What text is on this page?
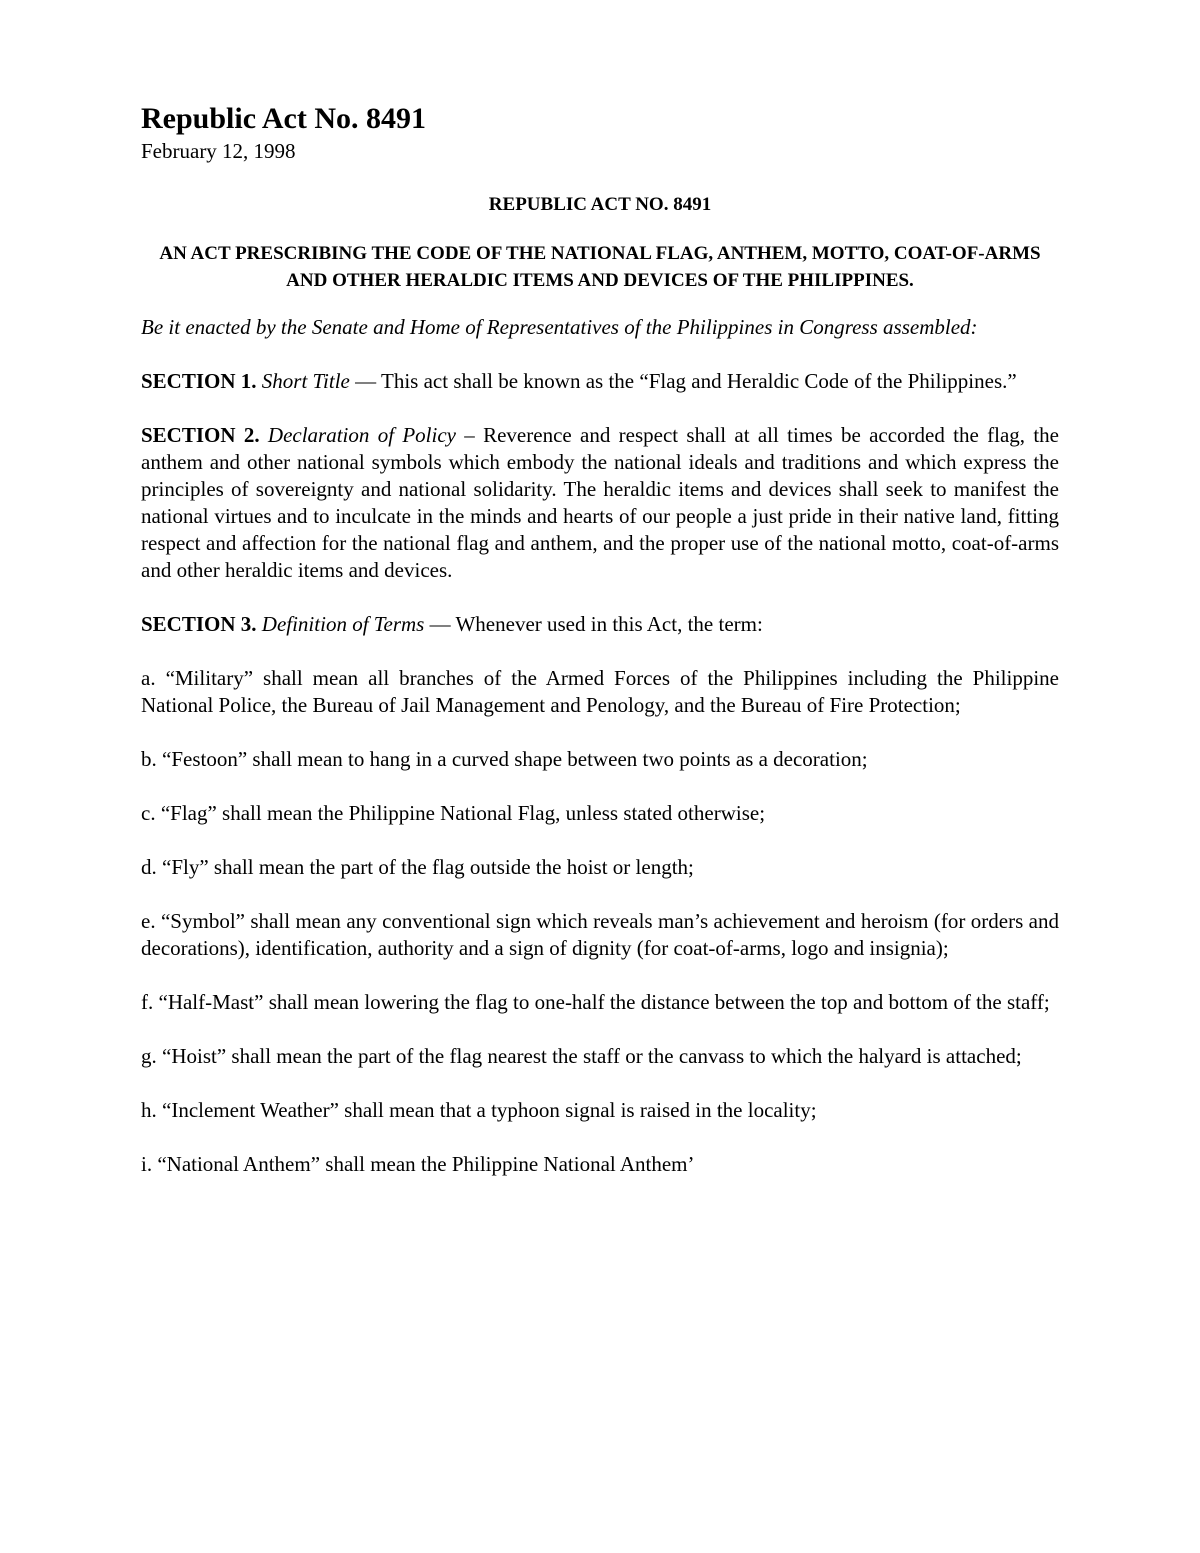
Republic Act No. 8491

February 12, 1998

REPUBLIC ACT NO. 8491

AN ACT PRESCRIBING THE CODE OF THE NATIONAL FLAG, ANTHEM, MOTTO, COAT-OF-ARMS AND OTHER HERALDIC ITEMS AND DEVICES OF THE PHILIPPINES.

Be it enacted by the Senate and Home of Representatives of the Philippines in Congress assembled:

SECTION 1. Short Title — This act shall be known as the “Flag and Heraldic Code of the Philippines.”

SECTION 2. Declaration of Policy – Reverence and respect shall at all times be accorded the flag, the anthem and other national symbols which embody the national ideals and traditions and which express the principles of sovereignty and national solidarity. The heraldic items and devices shall seek to manifest the national virtues and to inculcate in the minds and hearts of our people a just pride in their native land, fitting respect and affection for the national flag and anthem, and the proper use of the national motto, coat-of-arms and other heraldic items and devices.

SECTION 3. Definition of Terms — Whenever used in this Act, the term:

a. “Military” shall mean all branches of the Armed Forces of the Philippines including the Philippine National Police, the Bureau of Jail Management and Penology, and the Bureau of Fire Protection;

b. “Festoon” shall mean to hang in a curved shape between two points as a decoration;

c. “Flag” shall mean the Philippine National Flag, unless stated otherwise;

d. “Fly” shall mean the part of the flag outside the hoist or length;

e. “Symbol” shall mean any conventional sign which reveals man’s achievement and heroism (for orders and decorations), identification, authority and a sign of dignity (for coat-of-arms, logo and insignia);

f. “Half-Mast” shall mean lowering the flag to one-half the distance between the top and bottom of the staff;

g. “Hoist” shall mean the part of the flag nearest the staff or the canvass to which the halyard is attached;

h. “Inclement Weather” shall mean that a typhoon signal is raised in the locality;

i. “National Anthem” shall mean the Philippine National Anthem’
